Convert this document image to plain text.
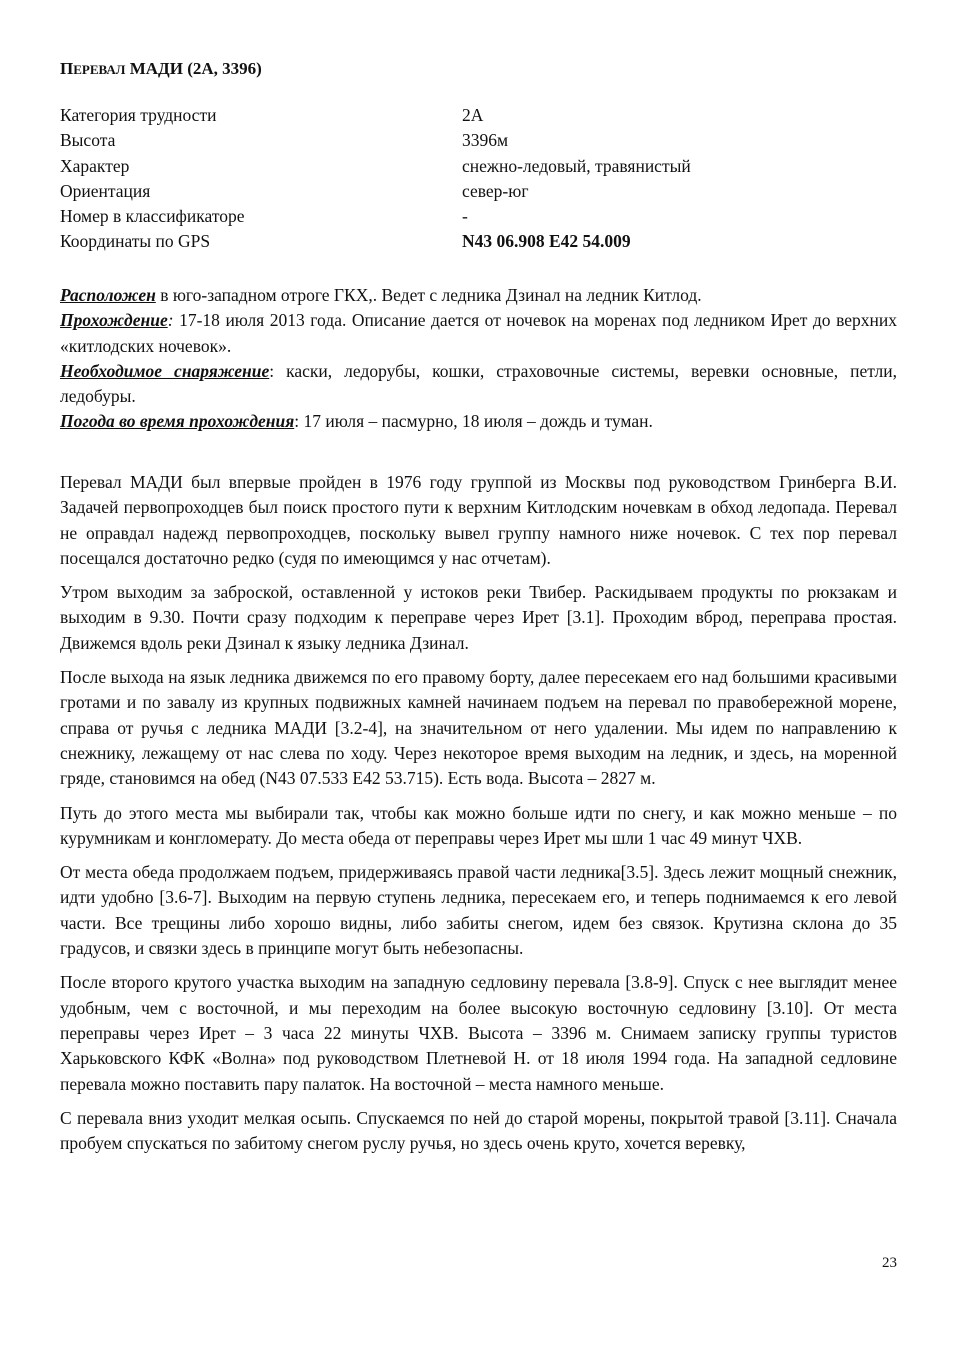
ПЕРЕВАЛ МАДИ (2А, 3396)
Категория трудности	2А
Высота	3396м
Характер	снежно-ледовый, травянистый
Ориентация	север-юг
Номер в классификаторе	-
Координаты по GPS	N43 06.908 E42 54.009

Расположен в юго-западном отроге ГКХ,. Ведет с ледника Дзинал на ледник Китлод.

Прохождение: 17-18 июля 2013 года. Описание дается от ночевок на моренах под ледником Ирет до верхних «китлодских ночевок».

Необходимое снаряжение: каски, ледорубы, кошки, страховочные системы, веревки основные, петли, ледобуры.

Погода во время прохождения: 17 июля – пасмурно, 18 июля – дождь и туман.

Перевал МАДИ был впервые пройден в 1976 году группой из Москвы под руководством Гринберга В.И. Задачей первопроходцев был поиск простого пути к верхним Китлодским ночевкам в обход ледопада. Перевал не оправдал надежд первопроходцев, поскольку вывел группу намного ниже ночевок. С тех пор перевал посещался достаточно редко (судя по имеющимся у нас отчетам).

Утром выходим за заброской, оставленной у истоков реки Твибер. Раскидываем продукты по рюкзакам и выходим в 9.30. Почти сразу подходим к переправе через Ирет [3.1]. Проходим вброд, переправа простая. Движемся вдоль реки Дзинал к языку ледника Дзинал.

После выхода на язык ледника движемся по его правому борту, далее пересекаем его над большими красивыми гротами и по завалу из крупных подвижных камней начинаем подъем на перевал по правобережной морене, справа от ручья с ледника МАДИ [3.2-4], на значительном от него удалении. Мы идем по направлению к снежнику, лежащему от нас слева по ходу. Через некоторое время выходим на ледник, и здесь, на моренной гряде, становимся на обед (N43 07.533 E42 53.715). Есть вода. Высота – 2827 м.

Путь до этого места мы выбирали так, чтобы как можно больше идти по снегу, и как можно меньше – по курумникам и конгломерату. До места обеда от переправы через Ирет мы шли 1 час 49 минут ЧХВ.

От места обеда продолжаем подъем, придерживаясь правой части ледника[3.5]. Здесь лежит мощный снежник, идти удобно [3.6-7]. Выходим на первую ступень ледника, пересекаем его, и теперь поднимаемся к его левой части. Все трещины либо хорошо видны, либо забиты снегом, идем без связок. Крутизна склона до 35 градусов, и связки здесь в принципе могут быть небезопасны.

После второго крутого участка выходим на западную седловину перевала [3.8-9]. Спуск с нее выглядит менее удобным, чем с восточной, и мы переходим на более высокую восточную седловину [3.10]. От места переправы через Ирет – 3 часа 22 минуты ЧХВ. Высота – 3396 м. Снимаем записку группы туристов Харьковского КФК «Волна» под руководством Плетневой Н. от 18 июля 1994 года. На западной седловине перевала можно поставить пару палаток. На восточной – места намного меньше.

С перевала вниз уходит мелкая осыпь. Спускаемся по ней до старой морены, покрытой травой [3.11]. Сначала пробуем спускаться по забитому снегом руслу ручья, но здесь очень круто, хочется веревку,

23
